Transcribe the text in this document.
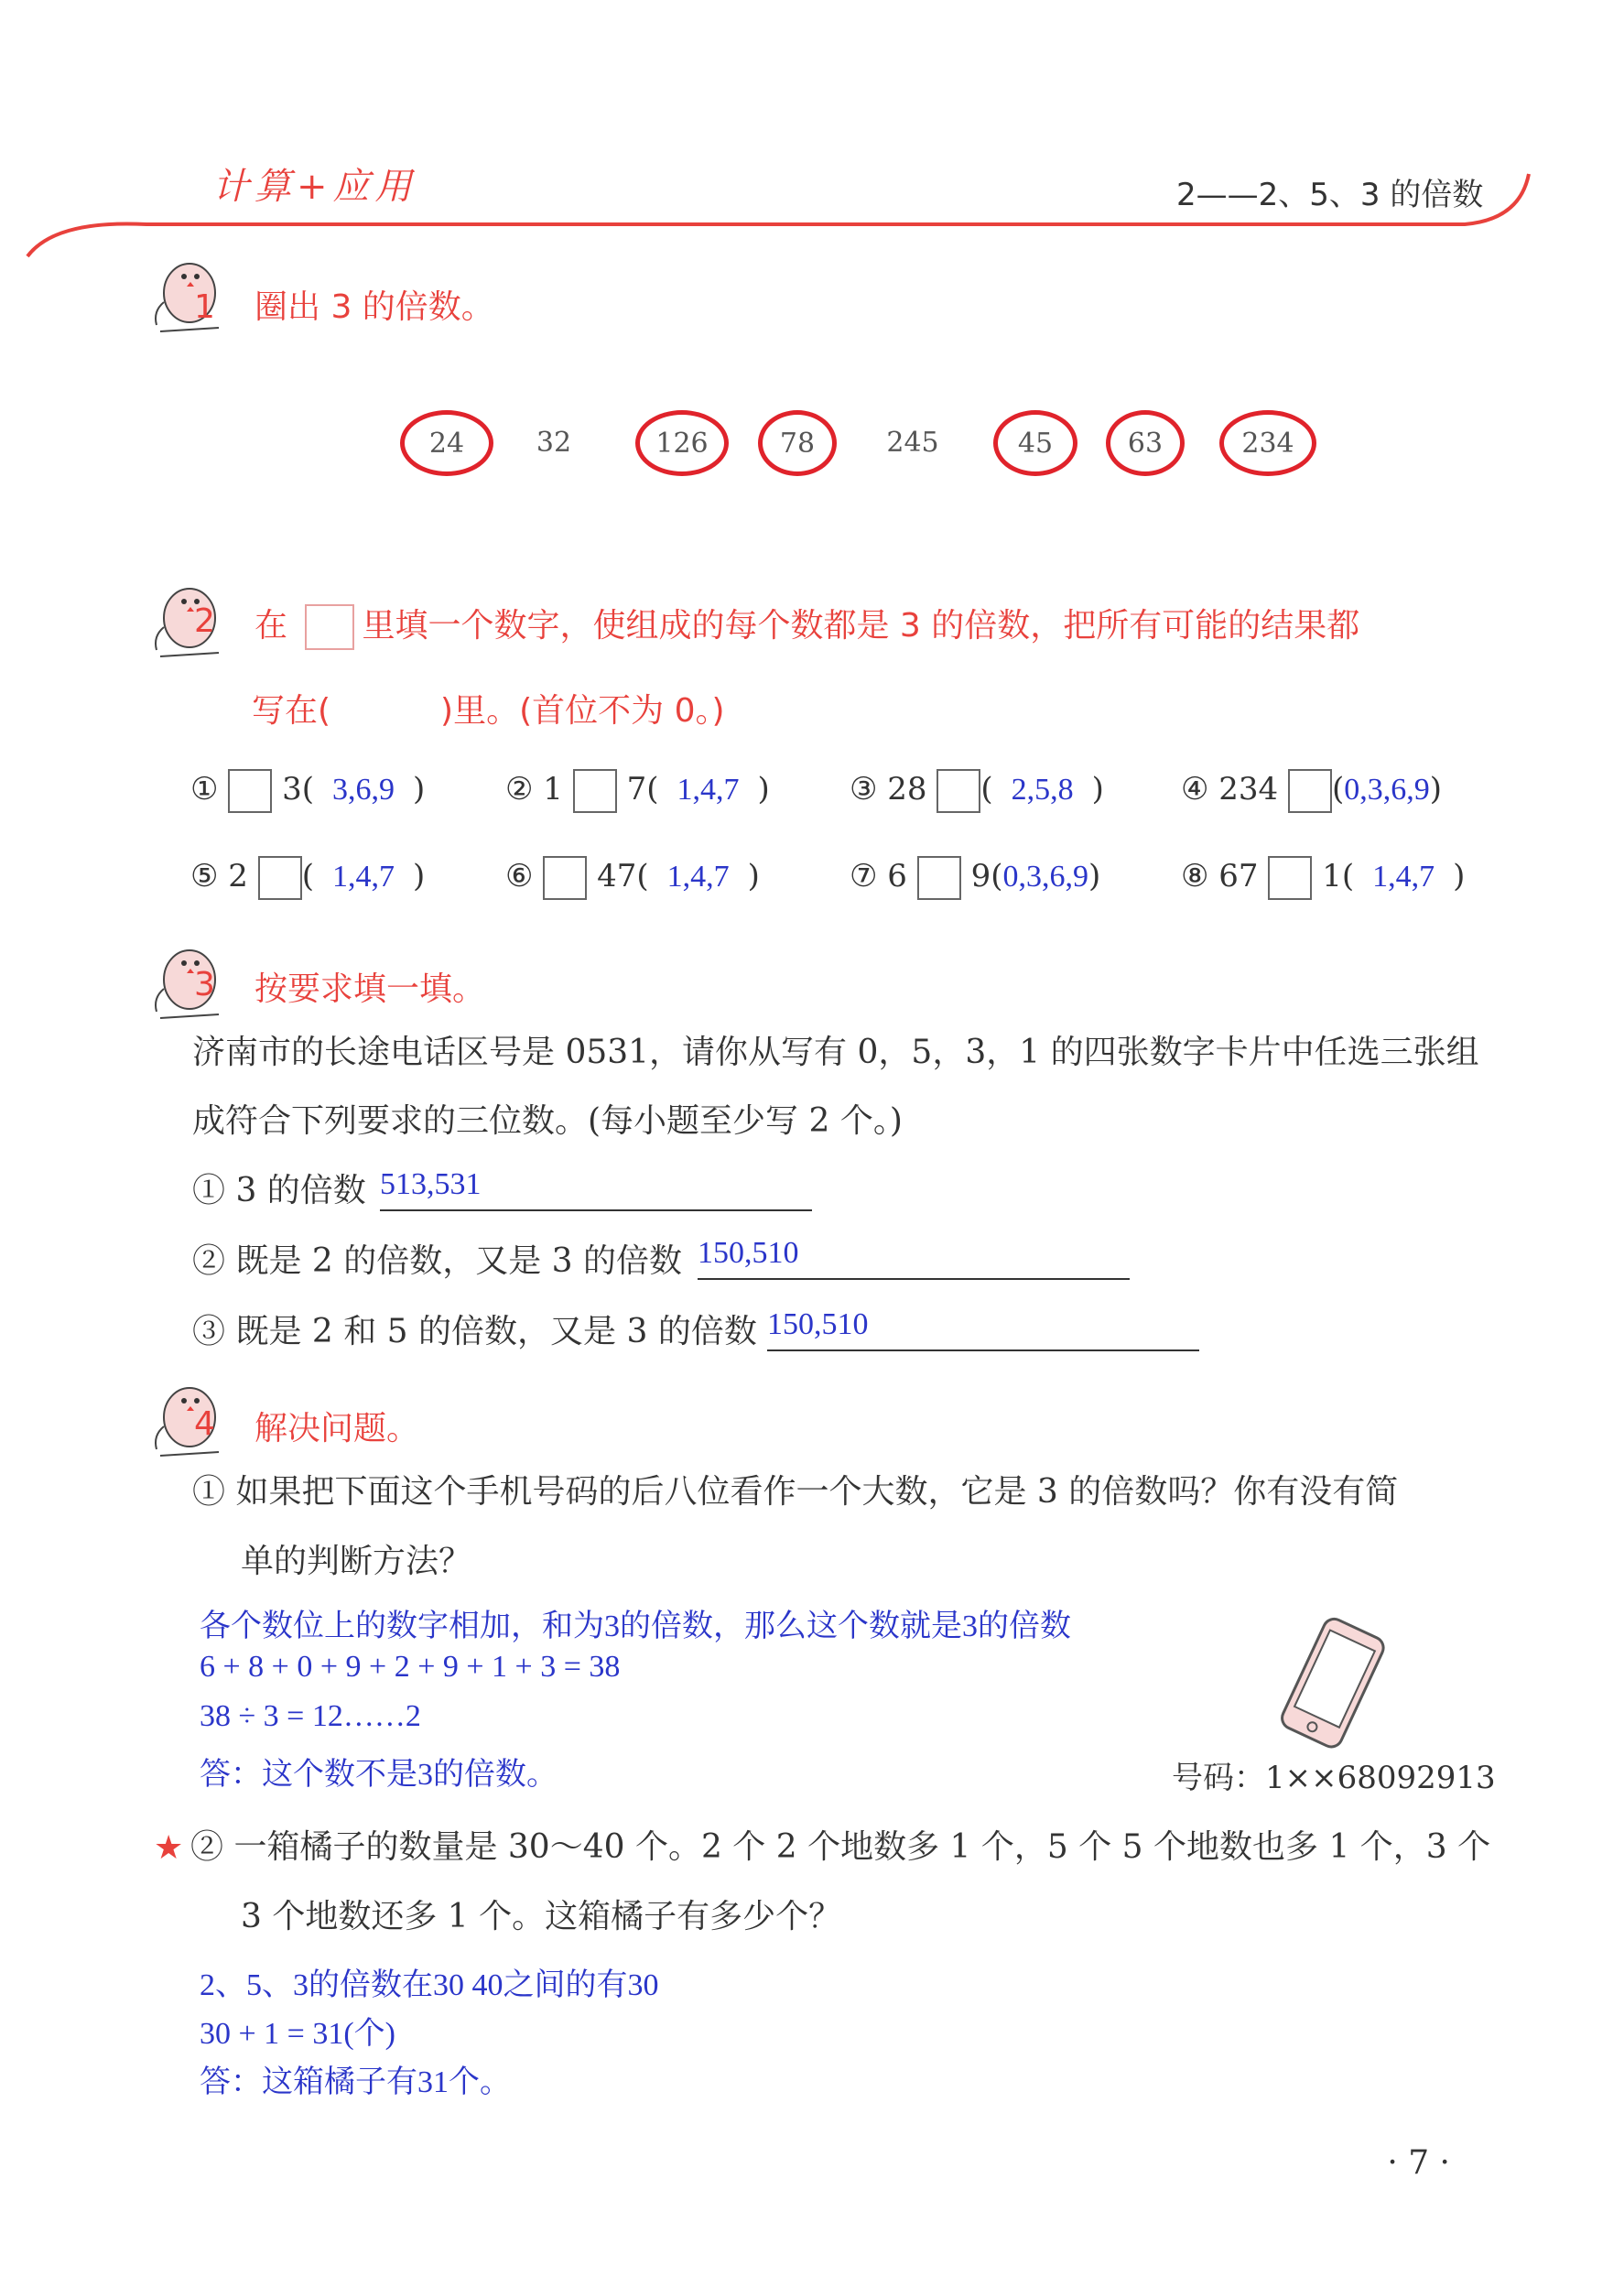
计算+应用	2——2、5、3 的倍数
1 圈出 3 的倍数。
24	32	126	78	245	45	63	234
2 在 里填一个数字，使组成的每个数都是 3 的倍数，把所有可能的结果都
写在(	)里。(首位不为 0。)
① 3( 3,6,9 )	② 1 7( 1,4,7 )	③ 28 ( 2,5,8 ) ④ 234 (0,3,6,9)
⑤ 2 ( 1,4,7 )	⑥ 47( 1,4,7 )	⑦ 6 9(0,3,6,9)	⑧ 67 1( 1,4,7 )
3 按要求填一填。
济南市的长途电话区号是 0531，请你从写有 0，5，3，1 的四张数字卡片中任选三张组
成符合下列要求的三位数。(每小题至少写 2 个。)
① 3 的倍数 513,531
② 既是 2 的倍数，又是 3 的倍数 150,510
③ 既是 2 和 5 的倍数，又是 3 的倍数 150,510
4 解决问题。
① 如果把下面这个手机号码的后八位看作一个大数，它是 3 的倍数吗？你有没有简
单的判断方法？
各个数位上的数字相加，和为3的倍数，那么这个数就是3的倍数
6 + 8 + 0 + 9 + 2 + 9 + 1 + 3 = 38
38 ÷ 3 = 12……2
答：这个数不是3的倍数。	号码：1××68092913
★ ② 一箱橘子的数量是 30～40 个。2 个 2 个地数多 1 个，5 个 5 个地数也多 1 个，3 个
3 个地数还多 1 个。这箱橘子有多少个？
2、5、3的倍数在30 40之间的有30
30 + 1 = 31(个)
答：这箱橘子有31个。
· 7 ·
